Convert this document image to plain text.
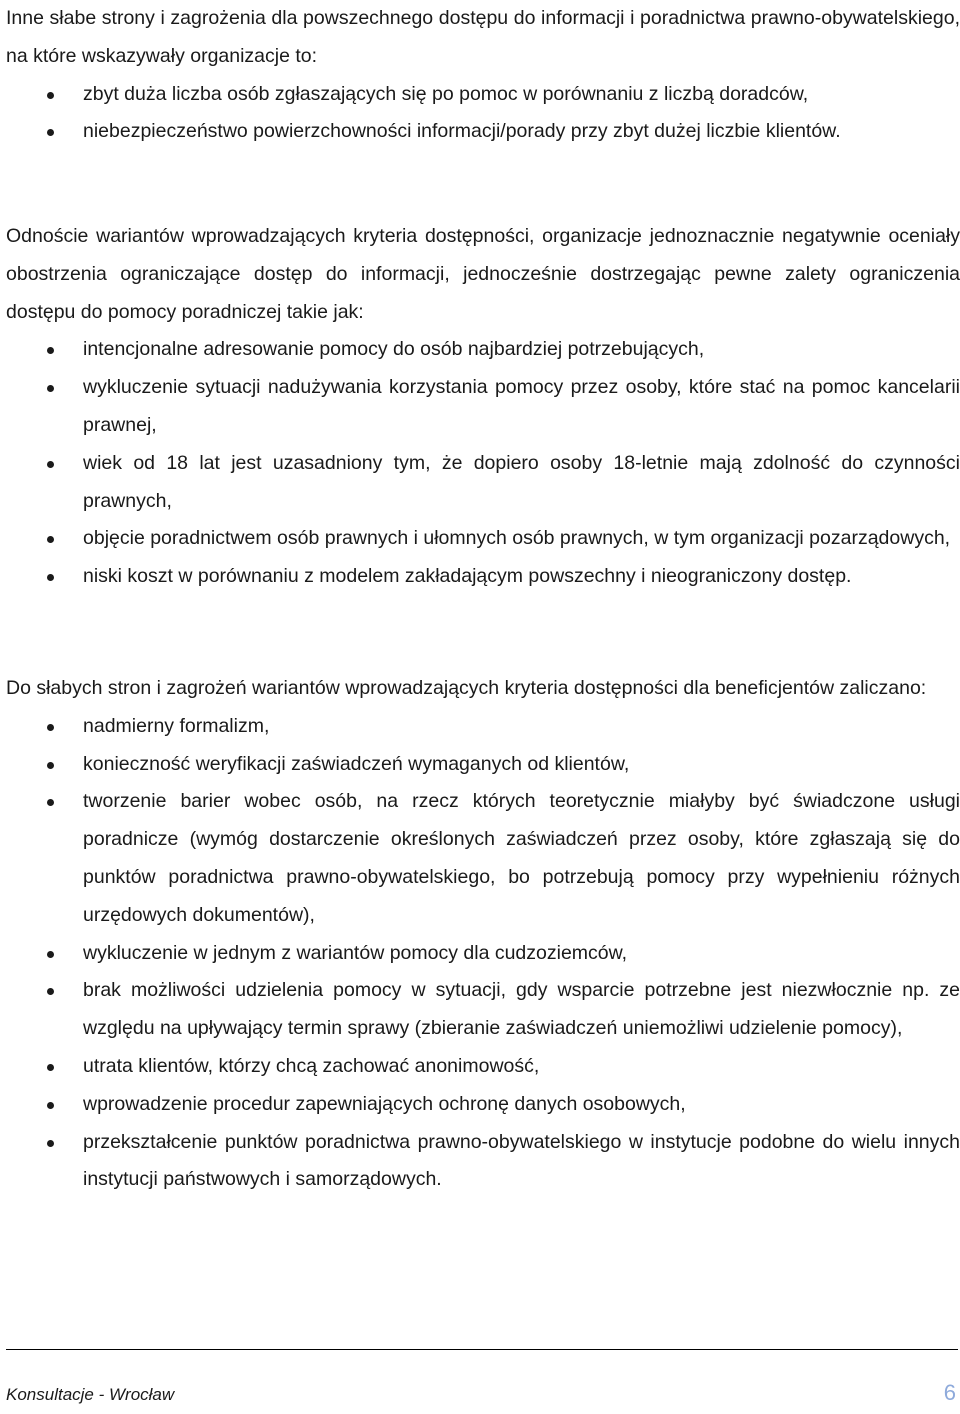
Inne słabe strony i zagrożenia dla powszechnego dostępu do informacji i poradnictwa prawno-obywatelskiego, na które wskazywały organizacje to:

zbyt duża liczba osób zgłaszających się po pomoc w porównaniu z liczbą doradców,
niebezpieczeństwo powierzchowności informacji/porady przy zbyt dużej liczbie klientów.

Odnoście wariantów wprowadzających kryteria dostępności, organizacje jednoznacznie negatywnie oceniały obostrzenia ograniczające dostęp do informacji, jednocześnie dostrzegając pewne zalety ograniczenia dostępu do pomocy poradniczej takie jak:

intencjonalne adresowanie pomocy do osób najbardziej potrzebujących,
wykluczenie sytuacji nadużywania korzystania pomocy przez osoby, które stać na pomoc kancelarii prawnej,
wiek od 18 lat jest uzasadniony tym, że dopiero osoby 18-letnie mają zdolność do czynności prawnych,
objęcie poradnictwem osób prawnych i ułomnych osób prawnych, w tym organizacji pozarządowych,
niski koszt w porównaniu z modelem zakładającym powszechny i nieograniczony dostęp.

Do słabych stron i zagrożeń wariantów wprowadzających kryteria dostępności dla beneficjentów zaliczano:

nadmierny formalizm,
konieczność weryfikacji zaświadczeń wymaganych od klientów,
tworzenie barier wobec osób, na rzecz których teoretycznie miałyby być świadczone usługi poradnicze (wymóg dostarczenie określonych zaświadczeń przez osoby, które zgłaszają się do punktów poradnictwa prawno-obywatelskiego, bo potrzebują pomocy przy wypełnieniu różnych urzędowych dokumentów),
wykluczenie w jednym z wariantów pomocy dla cudzoziemców,
brak możliwości udzielenia pomocy w sytuacji, gdy wsparcie potrzebne jest niezwłocznie np. ze względu na upływający termin sprawy (zbieranie zaświadczeń uniemożliwi udzielenie pomocy),
utrata klientów, którzy chcą zachować anonimowość,
wprowadzenie procedur zapewniających ochronę danych osobowych,
przekształcenie punktów poradnictwa prawno-obywatelskiego w instytucje podobne do wielu innych instytucji państwowych i samorządowych.
Konsultacje - Wrocław	6
